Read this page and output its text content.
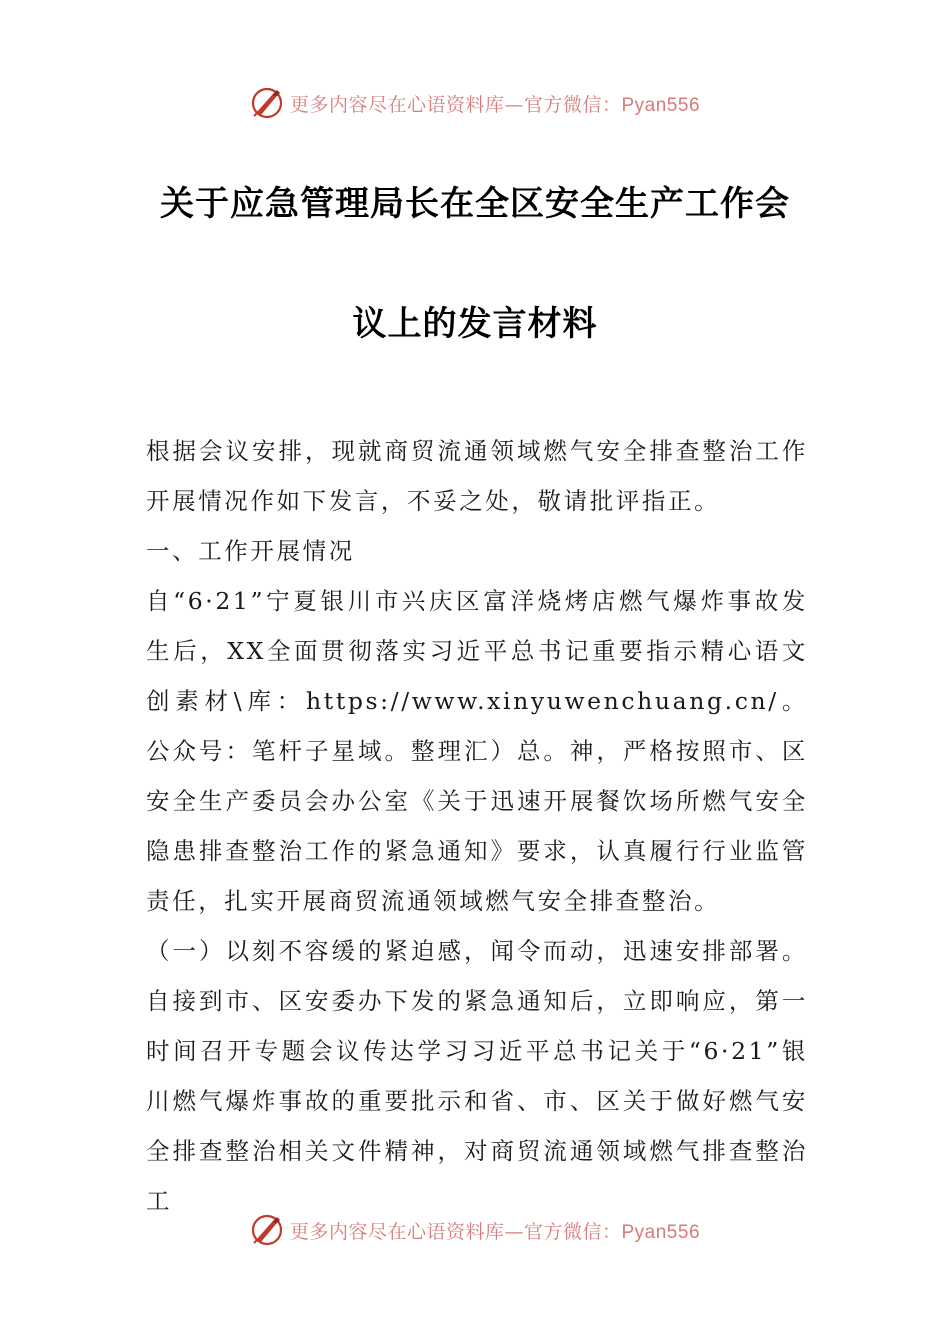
更多内容尽在心语资料库—官方微信：Pyan556
关于应急管理局长在全区安全生产工作会
议上的发言材料

根据会议安排，现就商贸流通领域燃气安全排查整治工作开展情况作如下发言，不妥之处，敬请批评指正。

一、工作开展情况

自“6·21”宁夏银川市兴庆区富洋烧烤店燃气爆炸事故发生后，XX全面贯彻落实习近平总书记重要指示精心语文创素材\库：https://www.xinyuwenchuang.cn/。公众号：笔杆子星域。整理汇）总。神，严格按照市、区安全生产委员会办公室《关于迅速开展餐饮场所燃气安全隐患排查整治工作的紧急通知》要求，认真履行行业监管责任，扎实开展商贸流通领域燃气安全排查整治。

（一）以刻不容缓的紧迫感，闻令而动，迅速安排部署。自接到市、区安委办下发的紧急通知后，立即响应，第一时间召开专题会议传达学习习近平总书记关于“6·21”银川燃气爆炸事故的重要批示和省、市、区关于做好燃气安全排查整治相关文件精神，对商贸流通领域燃气排查整治工

更多内容尽在心语资料库—官方微信：Pyan556
